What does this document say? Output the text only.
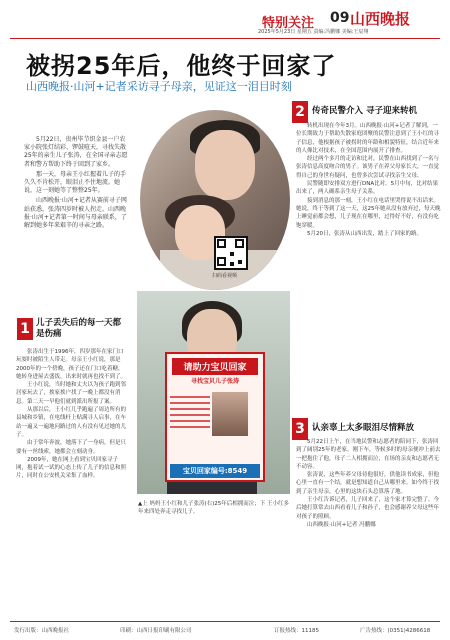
特别关注 09 山西晚报
2025年5月23日 星期五 责编:冯鹏娜 美编:王辰翔
被拐25年后，他终于回家了
山西晚报·山河+记者采访寻子母亲，见证这一泪目时刻

5月22日，贵州毕节织金县一户农家小院张灯结彩、锣鼓喧天，寻找失散25年的亲生儿子张涛，在全国寻亲志愿者和警方帮助下终于回到了家乡。

那一天，母亲王小红握着儿子的手久久不肯松开，眼泪止不住地流。她说，这一刻她等了整整25年。

山西晚报·山河+记者从赛前寻子网站获悉，张涛四岁时被人拐走。山西晚报·山河+记者第一时间与母亲联系，了解到她多年来艰辛的寻亲之路。

扫码看视频
1 儿子丢失后的每一天都是伤痛

张涛出生于1996年，四岁那年在家门口玩耍时被陌生人带走。母亲王小红说，那是2000年的一个傍晚，孩子还在门口吃着糖，她转身进屋去盛饭，出来时就再也找不到了。

王小红说，当时她和丈夫以为孩子跑到邻居家玩去了，挨家挨户找了一晚上都没有消息。第二天一早他们就到派出所报了案。

从那以后，王小红几乎跑遍了周边所有的县城和乡镇，在电线杆上贴满寻人启事，在车站一遍又一遍地问路过的人有没有见过她的儿子。

由于常年奔波，她落下了一身病，但是只要有一丝线索，她都会立刻动身。

2009年，她在网上看到宝贝回家寻子网，抱着试一试的心态上传了儿子的信息和照片，同时在公安机关采集了血样。

2 传奇民警介入 寻子迎来转机

转机出现在今年3月。山西晚报·山河+记者了解到，一位长期致力于帮助失散家庭团聚的民警注意到了王小红的寻子信息，他根据孩子被拐时的年龄和相貌特征，结合近年来的人像比对技术，在全国范围内展开了排查。

经过两个多月的走访和比对，民警在山西找到了一名与张涛信息高度吻合的男子。该男子在养父母家长大，一直觉得自己的身世有疑问，也曾多次尝试寻找亲生父母。

民警随即安排双方进行DNA比对。5月中旬，比对结果出来了，两人确系亲生母子关系。

接到消息的那一刻，王小红在电话里哭得说不出话来。她说，终于等到了这一天，这25年她从没有放弃过，每天晚上睡觉前都会想，儿子现在在哪里，过得好不好，有没有吃饱穿暖。

5月20日，张涛从山西出发，踏上了回家的路。

请助力宝贝回家
寻找宝贝儿子张涛
宝贝回家编号:8549
▲上 妈妈王小红和儿子张涛(右)25年后相拥而泣；下 王小红多年来四处奔走寻找儿子。
3 认亲辜上太多眼泪尽情释放

5月22日上午，在当地民警和志愿者的陪同下，张涛回到了阔别25年的老家。刚下车，等候多时的母亲便冲上前去一把抱住了他，母子二人相拥而泣，在场的亲友和志愿者无不动容。

张涛说，这些年养父母待他很好，供他读书成家，但他心里一直有一个结，就是想知道自己从哪里来。如今终于找到了亲生母亲，心里的这块石头总算落了地。

王小红告诉记者，儿子回来了，这个家才算完整了。今后她打算常去山西看看儿子和孙子，也会感谢养父母这些年对孩子的照顾。

山西晚报·山河+记者 冯鹏娜

发行出版：山西晚报社	印刷：山西日报印刷有限公司	订报热线：11185	广告热线：(0351)4286618
